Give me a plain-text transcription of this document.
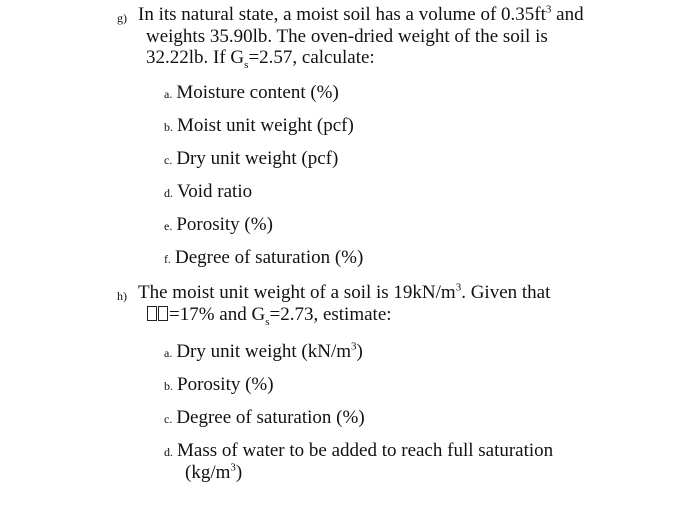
g) In its natural state, a moist soil has a volume of $0.35ft^3$ and
weights 35.90lb. The oven-dried weight of the soil is
32.22lb. If $G_s=2.57$, calculate:
a. Moisture content (%)
b. Moist unit weight (pcf)
c. Dry unit weight (pcf)
d. Void ratio
e. Porosity (%)
f. Degree of saturation (%)
h) The moist unit weight of a soil is $19kN/m^3$. Given that
=17% and $G_s=2.73$, estimate:
a. Dry unit weight $(kN/m^3)$
b. Porosity (%)
c. Degree of saturation (%)
d. Mass of water to be added to reach full saturation
$(kg/m^3)$
